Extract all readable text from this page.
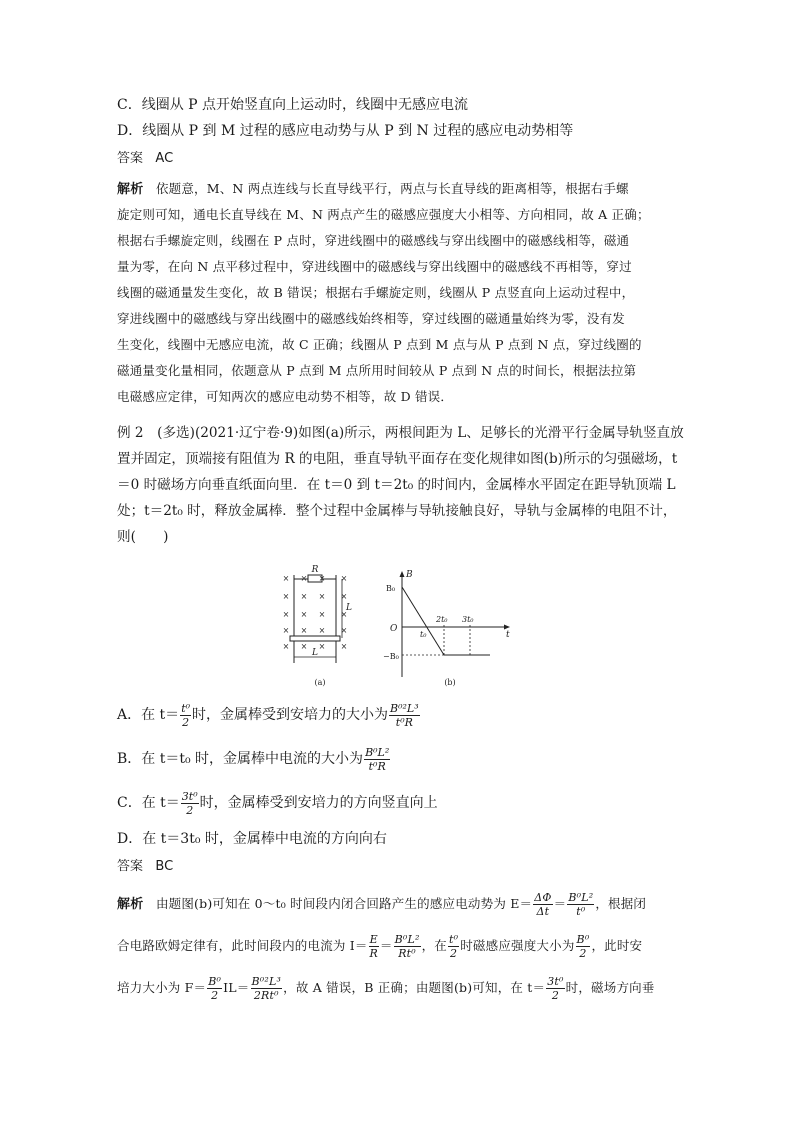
C．线圈从 P 点开始竖直向上运动时，线圈中无感应电流
D．线圈从 P 到 M 过程的感应电动势与从 P 到 N 过程的感应电动势相等
答案 AC
解析 依题意，M、N 两点连线与长直导线平行，两点与长直导线的距离相等，根据右手螺
旋定则可知，通电长直导线在 M、N 两点产生的磁感应强度大小相等、方向相同，故 A 正确；
根据右手螺旋定则，线圈在 P 点时，穿进线圈中的磁感线与穿出线圈中的磁感线相等，磁通
量为零，在向 N 点平移过程中，穿进线圈中的磁感线与穿出线圈中的磁感线不再相等，穿过
线圈的磁通量发生变化，故 B 错误；根据右手螺旋定则，线圈从 P 点竖直向上运动过程中，
穿进线圈中的磁感线与穿出线圈中的磁感线始终相等，穿过线圈的磁通量始终为零，没有发
生变化，线圈中无感应电流，故 C 正确；线圈从 P 点到 M 点与从 P 点到 N 点，穿过线圈的
磁通量变化量相同，依题意从 P 点到 M 点所用时间较从 P 点到 N 点的时间长，根据法拉第
电磁感应定律，可知两次的感应电动势不相等，故 D 错误．
例 2　(多选)(2021·辽宁卷·9)如图(a)所示，两根间距为 L、足够长的光滑平行金属导轨竖直放
置并固定，顶端接有阻值为 R 的电阻，垂直导轨平面存在变化规律如图(b)所示的匀强磁场，t
＝0 时磁场方向垂直纸面向里．在 t＝0 到 t＝2t₀ 的时间内，金属棒水平固定在距导轨顶端 L
处；t＝2t₀ 时，释放金属棒．整个过程中金属棒与导轨接触良好，导轨与金属棒的电阻不计，
则(　　)
R
L
L
×
×
×
×
×
×
×
×
×
×
×
×
×
×
×
×
×
×
×
×
(a)
B
t
O
B₀
−B₀
t₀
2t₀ 3t₀
(b)
A．在 $t= \frac{\text{t⁰}}{2}$ 时，金属棒受到安培力的大小为 $\frac{\text{B⁰²L³}}{\text{t⁰R}}$
B．在 t＝t₀ 时，金属棒中电流的大小为 $\frac{\text{B⁰L²}}{\text{t⁰R}}$
C．在 $t= \frac{\text{3t⁰}}{2}$ 时，金属棒受到安培力的方向竖直向上
D．在 t＝3t₀ 时，金属棒中电流的方向向右
答案 BC
解析 由题图(b)可知在 0～t₀ 时间段内闭合回路产生的感应电动势为 $E= \frac{\Delta\Phi}{\Delta t} = \frac{\text{B⁰L²}}{\text{t⁰}}$ ，根据闭
合电路欧姆定律有，此时间段内的电流为 $I= \frac{E}{R} = \frac{\text{B⁰L²}}{\text{Rt⁰}}$ ，在 $\frac{\text{t⁰}}{2}$ 时磁感应强度大小为 $\frac{\text{B⁰}}{2}$ ，此时安
培力大小为 $F= \frac{\text{B⁰}}{2} IL= \frac{\text{B⁰²L³}}{\text{2Rt⁰}}$ ，故 A 错误，B 正确；由题图(b)可知，在 $t= \frac{\text{3t⁰}}{2}$ 时，磁场方向垂
